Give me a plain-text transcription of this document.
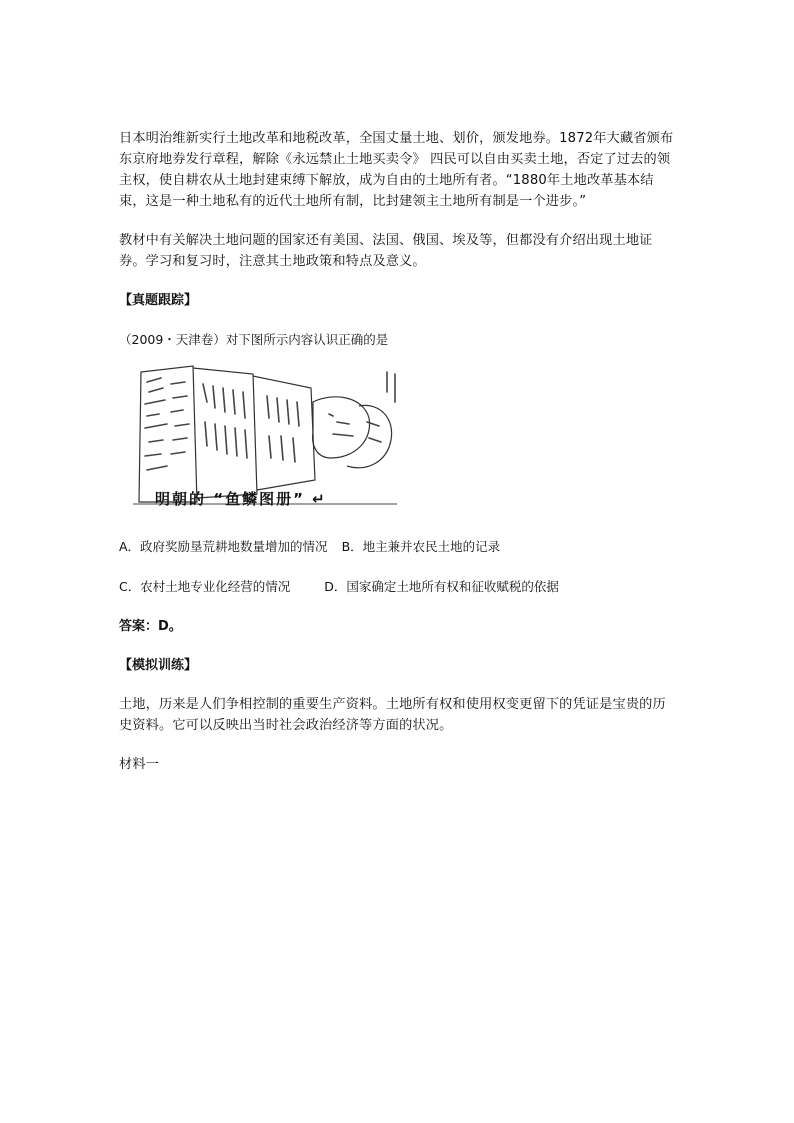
日本明治维新实行土地改革和地税改革，全国丈量土地、划价，颁发地券。1872年大藏省颁布东京府地券发行章程，解除《永远禁止土地买卖令》 四民可以自由买卖土地，否定了过去的领主权，使自耕农从土地封建束缚下解放，成为自由的土地所有者。“1880年土地改革基本结束，这是一种土地私有的近代土地所有制，比封建领主土地所有制是一个进步。”

教材中有关解决土地问题的国家还有美国、法国、俄国、埃及等，但都没有介绍出现土地证券。学习和复习时，注意其土地政策和特点及意义。

【真题跟踪】

（2009・天津卷）对下图所示内容认识正确的是

明朝的 “鱼鳞图册” ↵

A．政府奖励垦荒耕地数量增加的情况 B．地主兼并农民土地的记录

C．农村土地专业化经营的情况	D．国家确定土地所有权和征收赋税的依据

答案：D。

【模拟训练】

土地，历来是人们争相控制的重要生产资料。土地所有权和使用权变更留下的凭证是宝贵的历史资料。它可以反映出当时社会政治经济等方面的状况。

材料一
